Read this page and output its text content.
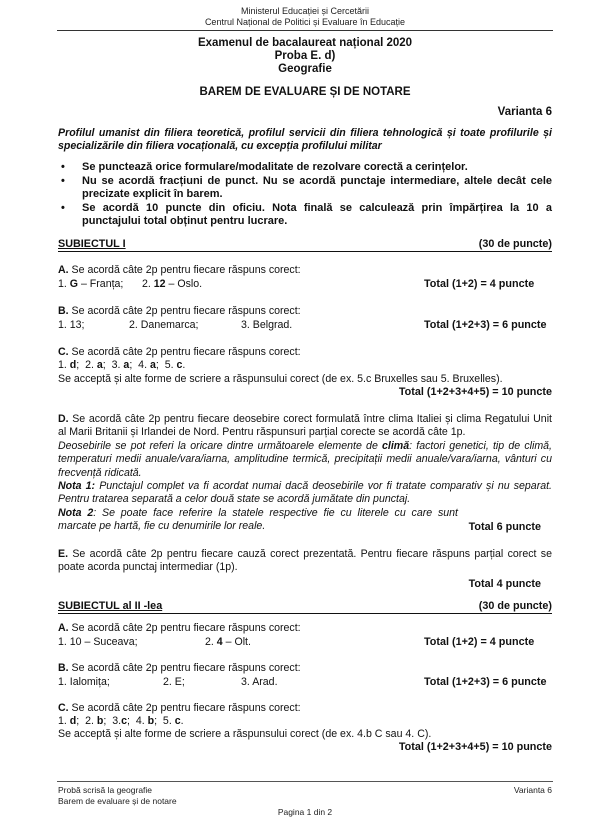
Ministerul Educației și Cercetării
Centrul Național de Politici și Evaluare în Educație
Examenul de bacalaureat național 2020
Proba E. d)
Geografie
BAREM DE EVALUARE ȘI DE NOTARE
Varianta 6
Profilul umanist din filiera teoretică, profilul servicii din filiera tehnologică și toate profilurile și specializările din filiera vocațională, cu excepția profilului militar
• Se punctează orice formulare/modalitate de rezolvare corectă a cerințelor.
• Nu se acordă fracțiuni de punct. Nu se acordă punctaje intermediare, altele decât cele precizate explicit în barem.
• Se acordă 10 puncte din oficiu. Nota finală se calculează prin împărțirea la 10 a punctajului total obținut pentru lucrare.
SUBIECTUL I	(30 de puncte)
A. Se acordă câte 2p pentru fiecare răspuns corect:
1. G – Franța; 2. 12 – Oslo.	Total (1+2) = 4 puncte
B. Se acordă câte 2p pentru fiecare răspuns corect:
1. 13;	2. Danemarca;	3. Belgrad.	Total (1+2+3) = 6 puncte
C. Se acordă câte 2p pentru fiecare răspuns corect:
1. d; 2. a; 3. a; 4. a; 5. c.
Se acceptă și alte forme de scriere a răspunsului corect (de ex. 5.c Bruxelles sau 5. Bruxelles).
Total (1+2+3+4+5) = 10 puncte
D. Se acordă câte 2p pentru fiecare deosebire corect formulată între clima Italiei și clima Regatului Unit al Marii Britanii și Irlandei de Nord. Pentru răspunsuri parțial corecte se acordă câte 1p.
Deosebirile se pot referi la oricare dintre următoarele elemente de climă: factori genetici, tip de climă, temperaturi medii anuale/vara/iarna, amplitudine termică, precipitații medii anuale/vara/iarna, vânturi cu frecvență ridicată.
Nota 1: Punctajul complet va fi acordat numai dacă deosebirile vor fi tratate comparativ și nu separat. Pentru tratarea separată a celor două state se acordă jumătate din punctaj.
Nota 2: Se poate face referire la statele respective fie cu literele cu care sunt marcate pe hartă, fie cu denumirile lor reale.	Total 6 puncte
E. Se acordă câte 2p pentru fiecare cauză corect prezentată. Pentru fiecare răspuns parțial corect se poate acorda punctaj intermediar (1p).
Total 4 puncte
SUBIECTUL al II -lea	(30 de puncte)
A. Se acordă câte 2p pentru fiecare răspuns corect:
1. 10 – Suceava;	2. 4 – Olt.	Total (1+2) = 4 puncte
B. Se acordă câte 2p pentru fiecare răspuns corect:
1. Ialomița;	2. E;	3. Arad.	Total (1+2+3) = 6 puncte
C. Se acordă câte 2p pentru fiecare răspuns corect:
1. d; 2. b; 3.c; 4. b; 5. c.
Se acceptă și alte forme de scriere a răspunsului corect (de ex. 4.b C sau 4. C).
Total (1+2+3+4+5) = 10 puncte
Probă scrisă la geografie
Barem de evaluare și de notare
Varianta 6
Pagina 1 din 2
